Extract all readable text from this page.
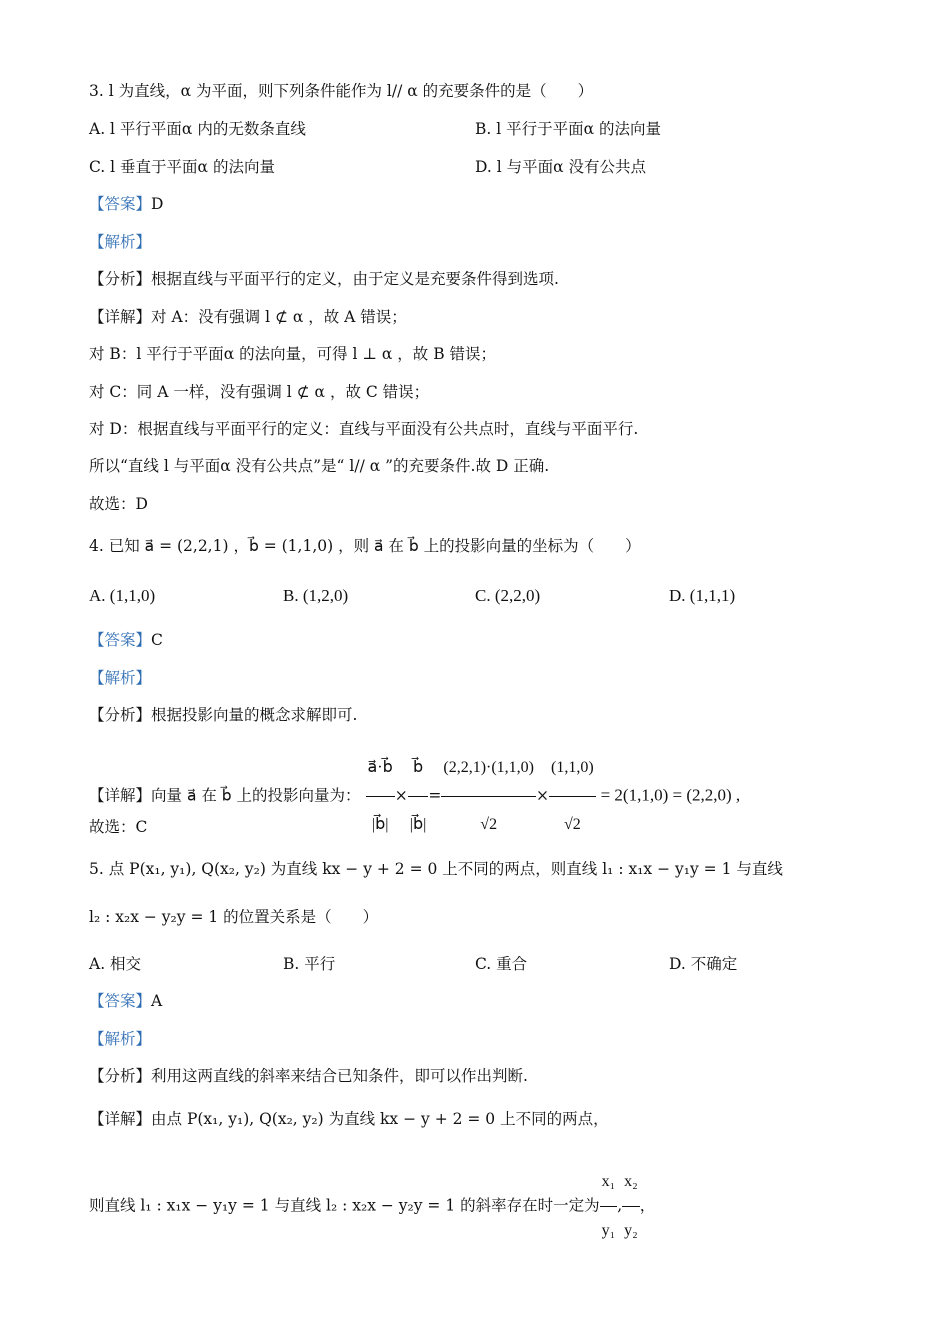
3. l 为直线，α 为平面，则下列条件能作为 l// α 的充要条件的是（　　）
A. l 平行平面α 内的无数条直线	B. l 平行于平面α 的法向量
C. l 垂直于平面α 的法向量	D. l 与平面α 没有公共点
【答案】D
【解析】
【分析】根据直线与平面平行的定义，由于定义是充要条件得到选项.
【详解】对 A：没有强调 l ⊄ α ，故 A 错误；
对 B：l 平行于平面α 的法向量，可得 l ⊥ α ，故 B 错误；
对 C：同 A 一样，没有强调 l ⊄ α ，故 C 错误；
对 D：根据直线与平面平行的定义：直线与平面没有公共点时，直线与平面平行.
所以“直线 l 与平面α 没有公共点”是“ l// α ”的充要条件.故 D 正确.
故选：D
4. 已知 a⃗ = (2,2,1) ，b⃗ = (1,1,0) ，则 a⃗ 在 b⃗ 上的投影向量的坐标为（　　）
A. (1,1,0)	B. (1,2,0)	C. (2,2,0)	D. (1,1,1)
【答案】C
【解析】
【分析】根据投影向量的概念求解即可.
【详解】向量 a⃗ 在 b⃗ 上的投影向量为： $\frac{a⃗\cdot b⃗}{|b⃗|} \times \frac{b⃗}{|b⃗|} = \frac{(2,2,1)\cdot(1,1,0)}{√2} \times \frac{(1,1,0)}{√2} = 2(1,1,0) = (2,2,0)$ ,
故选：C
5. 点 P(x₁, y₁), Q(x₂, y₂) 为直线 kx − y + 2 = 0 上不同的两点，则直线 l₁ : x₁x − y₁y = 1 与直线
l₂ : x₂x − y₂y = 1 的位置关系是（　　）
A. 相交	B. 平行	C. 重合	D. 不确定
【答案】A
【解析】
【分析】利用这两直线的斜率来结合已知条件，即可以作出判断.
【详解】由点 P(x₁, y₁), Q(x₂, y₂) 为直线 kx − y + 2 = 0 上不同的两点，
则直线 l₁ : x₁x − y₁y = 1 与直线 l₂ : x₂x − y₂y = 1 的斜率存在时一定为 $\frac{\text{x₁}}{\text{y₁}}$ , $\frac{\text{x₂}}{\text{y₂}}$ ，
